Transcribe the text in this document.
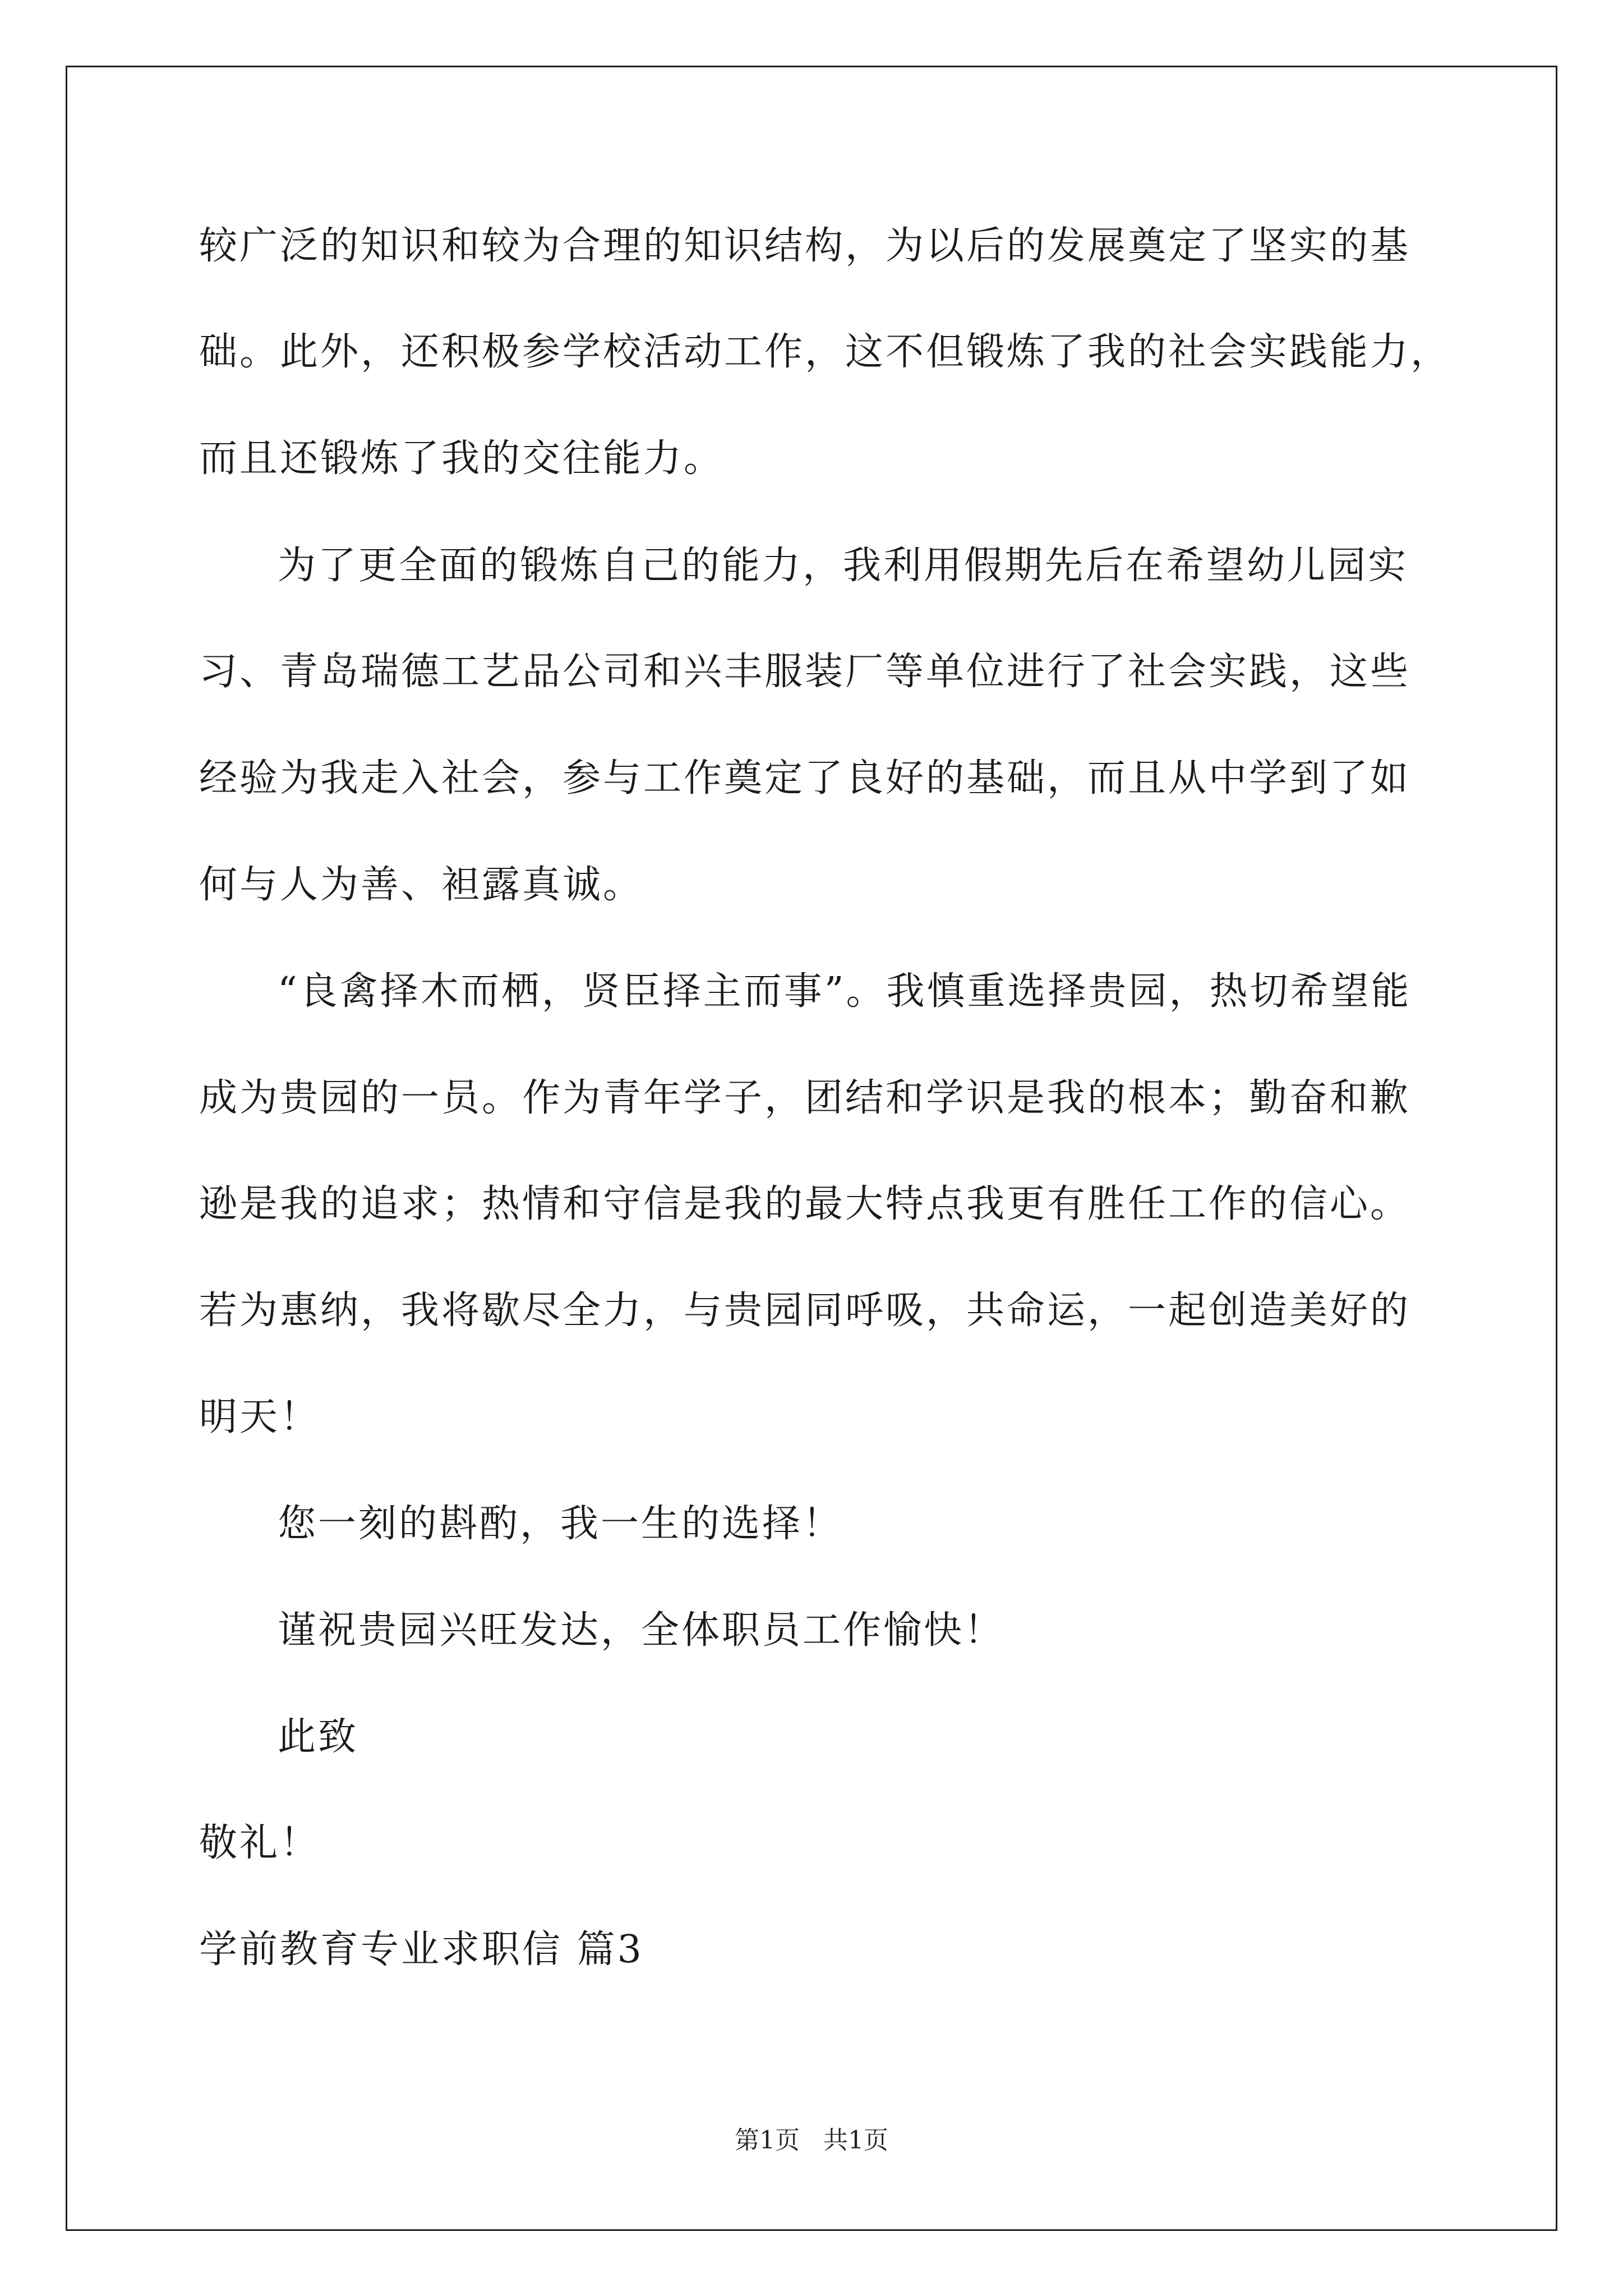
较广泛的知识和较为合理的知识结构，为以后的发展奠定了坚实的基
础。此外，还积极参学校活动工作，这不但锻炼了我的社会实践能力，
而且还锻炼了我的交往能力。
为了更全面的锻炼自己的能力，我利用假期先后在希望幼儿园实
习、青岛瑞德工艺品公司和兴丰服装厂等单位进行了社会实践，这些
经验为我走入社会，参与工作奠定了良好的基础，而且从中学到了如
何与人为善、袒露真诚。
“良禽择木而栖，贤臣择主而事”。我慎重选择贵园，热切希望能
成为贵园的一员。作为青年学子，团结和学识是我的根本；勤奋和歉
逊是我的追求；热情和守信是我的最大特点我更有胜任工作的信心。
若为惠纳，我将歇尽全力，与贵园同呼吸，共命运，一起创造美好的
明天！
您一刻的斟酌，我一生的选择！
谨祝贵园兴旺发达，全体职员工作愉快！
此致
敬礼！
学前教育专业求职信 篇3
第1页 共1页
